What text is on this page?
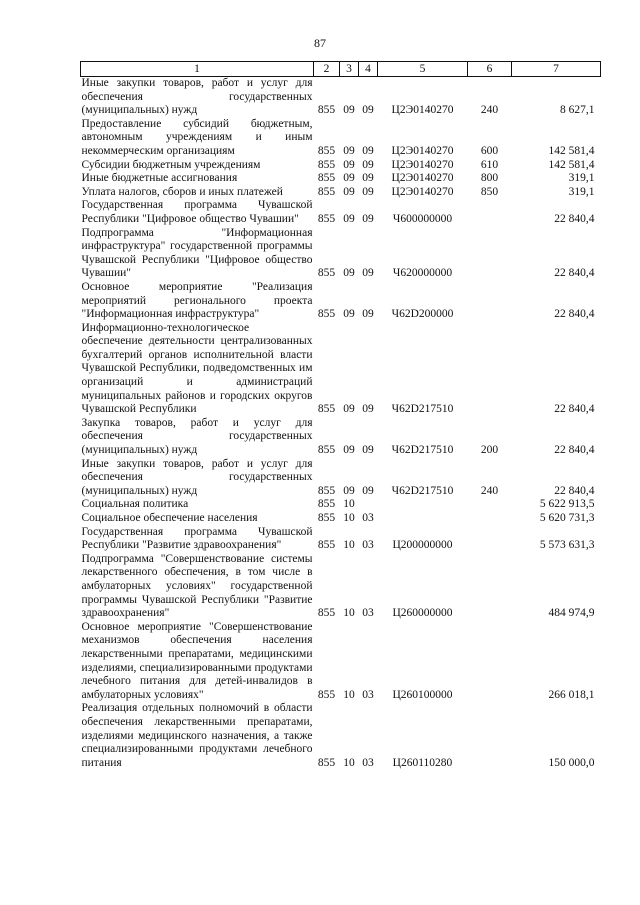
87
1	2	3	4	5	6	7
Иные закупки товаров, работ и услуг для обеспечения государственных (муниципальных) нужд	855	09	09	Ц2Э0140270	240	8 627,1
Предоставление субсидий бюджетным, автономным учреждениям и иным некоммерческим организациям	855	09	09	Ц2Э0140270	600	142 581,4
Субсидии бюджетным учреждениям	855	09	09	Ц2Э0140270	610	142 581,4
Иные бюджетные ассигнования	855	09	09	Ц2Э0140270	800	319,1
Уплата налогов, сборов и иных платежей	855	09	09	Ц2Э0140270	850	319,1
Государственная программа Чувашской Республики "Цифровое общество Чувашии"	855	09	09	Ч600000000		22 840,4
Подпрограмма "Информационная инфраструктура" государственной программы Чувашской Республики "Цифровое общество Чувашии"	855	09	09	Ч620000000		22 840,4
Основное мероприятие "Реализация мероприятий регионального проекта "Информационная инфраструктура"	855	09	09	Ч62D200000		22 840,4
Информационно-технологическое обеспечение деятельности централизованных бухгалтерий органов исполнительной власти Чувашской Республики, подведомственных им организаций и администраций муниципальных районов и городских округов Чувашской Республики	855	09	09	Ч62D217510		22 840,4
Закупка товаров, работ и услуг для обеспечения государственных (муниципальных) нужд	855	09	09	Ч62D217510	200	22 840,4
Иные закупки товаров, работ и услуг для обеспечения государственных (муниципальных) нужд	855	09	09	Ч62D217510	240	22 840,4
Социальная политика	855	10				5 622 913,5
Социальное обеспечение населения	855	10	03			5 620 731,3
Государственная программа Чувашской Республики "Развитие здравоохранения"	855	10	03	Ц200000000		5 573 631,3
Подпрограмма "Совершенствование системы лекарственного обеспечения, в том числе в амбулаторных условиях" государственной программы Чувашской Республики "Развитие здравоохранения"	855	10	03	Ц260000000		484 974,9
Основное мероприятие "Совершенствование механизмов обеспечения населения лекарственными препаратами, медицинскими изделиями, специализированными продуктами лечебного питания для детей-инвалидов в амбулаторных условиях"	855	10	03	Ц260100000		266 018,1
Реализация отдельных полномочий в области обеспечения лекарственными препаратами, изделиями медицинского назначения, а также специализированными продуктами лечебного питания	855	10	03	Ц260110280		150 000,0
